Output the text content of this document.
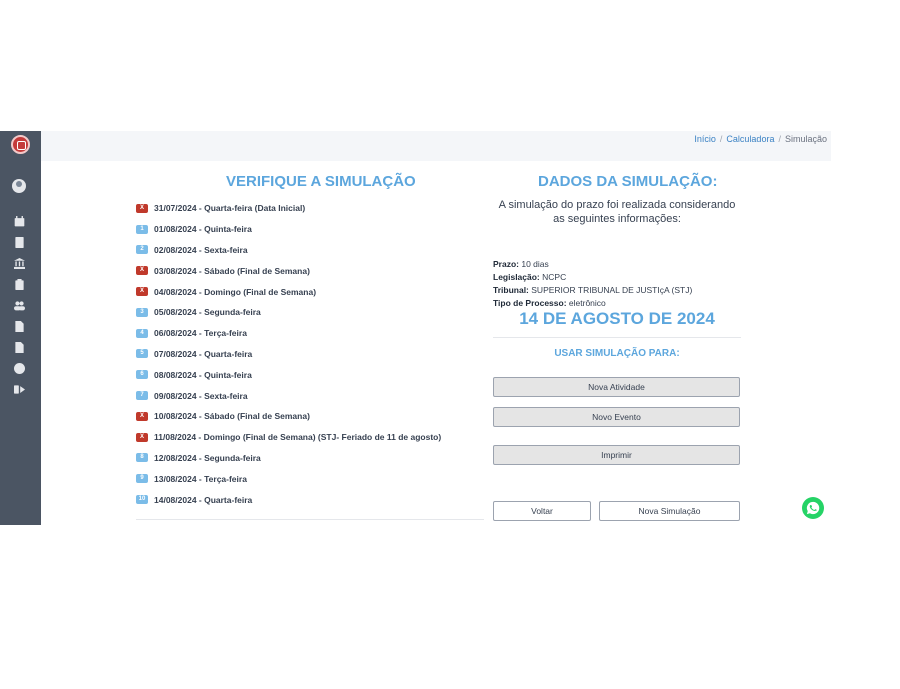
Início / Calculadora / Simulação
VERIFIQUE A SIMULAÇÃO
X	31/07/2024 - Quarta-feira (Data Inicial)
1	01/08/2024 - Quinta-feira
2	02/08/2024 - Sexta-feira
X	03/08/2024 - Sábado (Final de Semana)
X	04/08/2024 - Domingo (Final de Semana)
3	05/08/2024 - Segunda-feira
4	06/08/2024 - Terça-feira
5	07/08/2024 - Quarta-feira
6	08/08/2024 - Quinta-feira
7	09/08/2024 - Sexta-feira
X	10/08/2024 - Sábado (Final de Semana)
X	11/08/2024 - Domingo (Final de Semana) (STJ- Feriado de 11 de agosto)
8	12/08/2024 - Segunda-feira
9	13/08/2024 - Terça-feira
10	14/08/2024 - Quarta-feira
DADOS DA SIMULAÇÃO:
A simulação do prazo foi realizada considerando as seguintes informações:
Prazo: 10 dias
Legislação: NCPC
Tribunal: SUPERIOR TRIBUNAL DE JUSTIçA (STJ)
Tipo de Processo: eletrônico
14 DE AGOSTO DE 2024
USAR SIMULAÇÃO PARA:
Nova Atividade
Novo Evento
Imprimir
Voltar	Nova Simulação
